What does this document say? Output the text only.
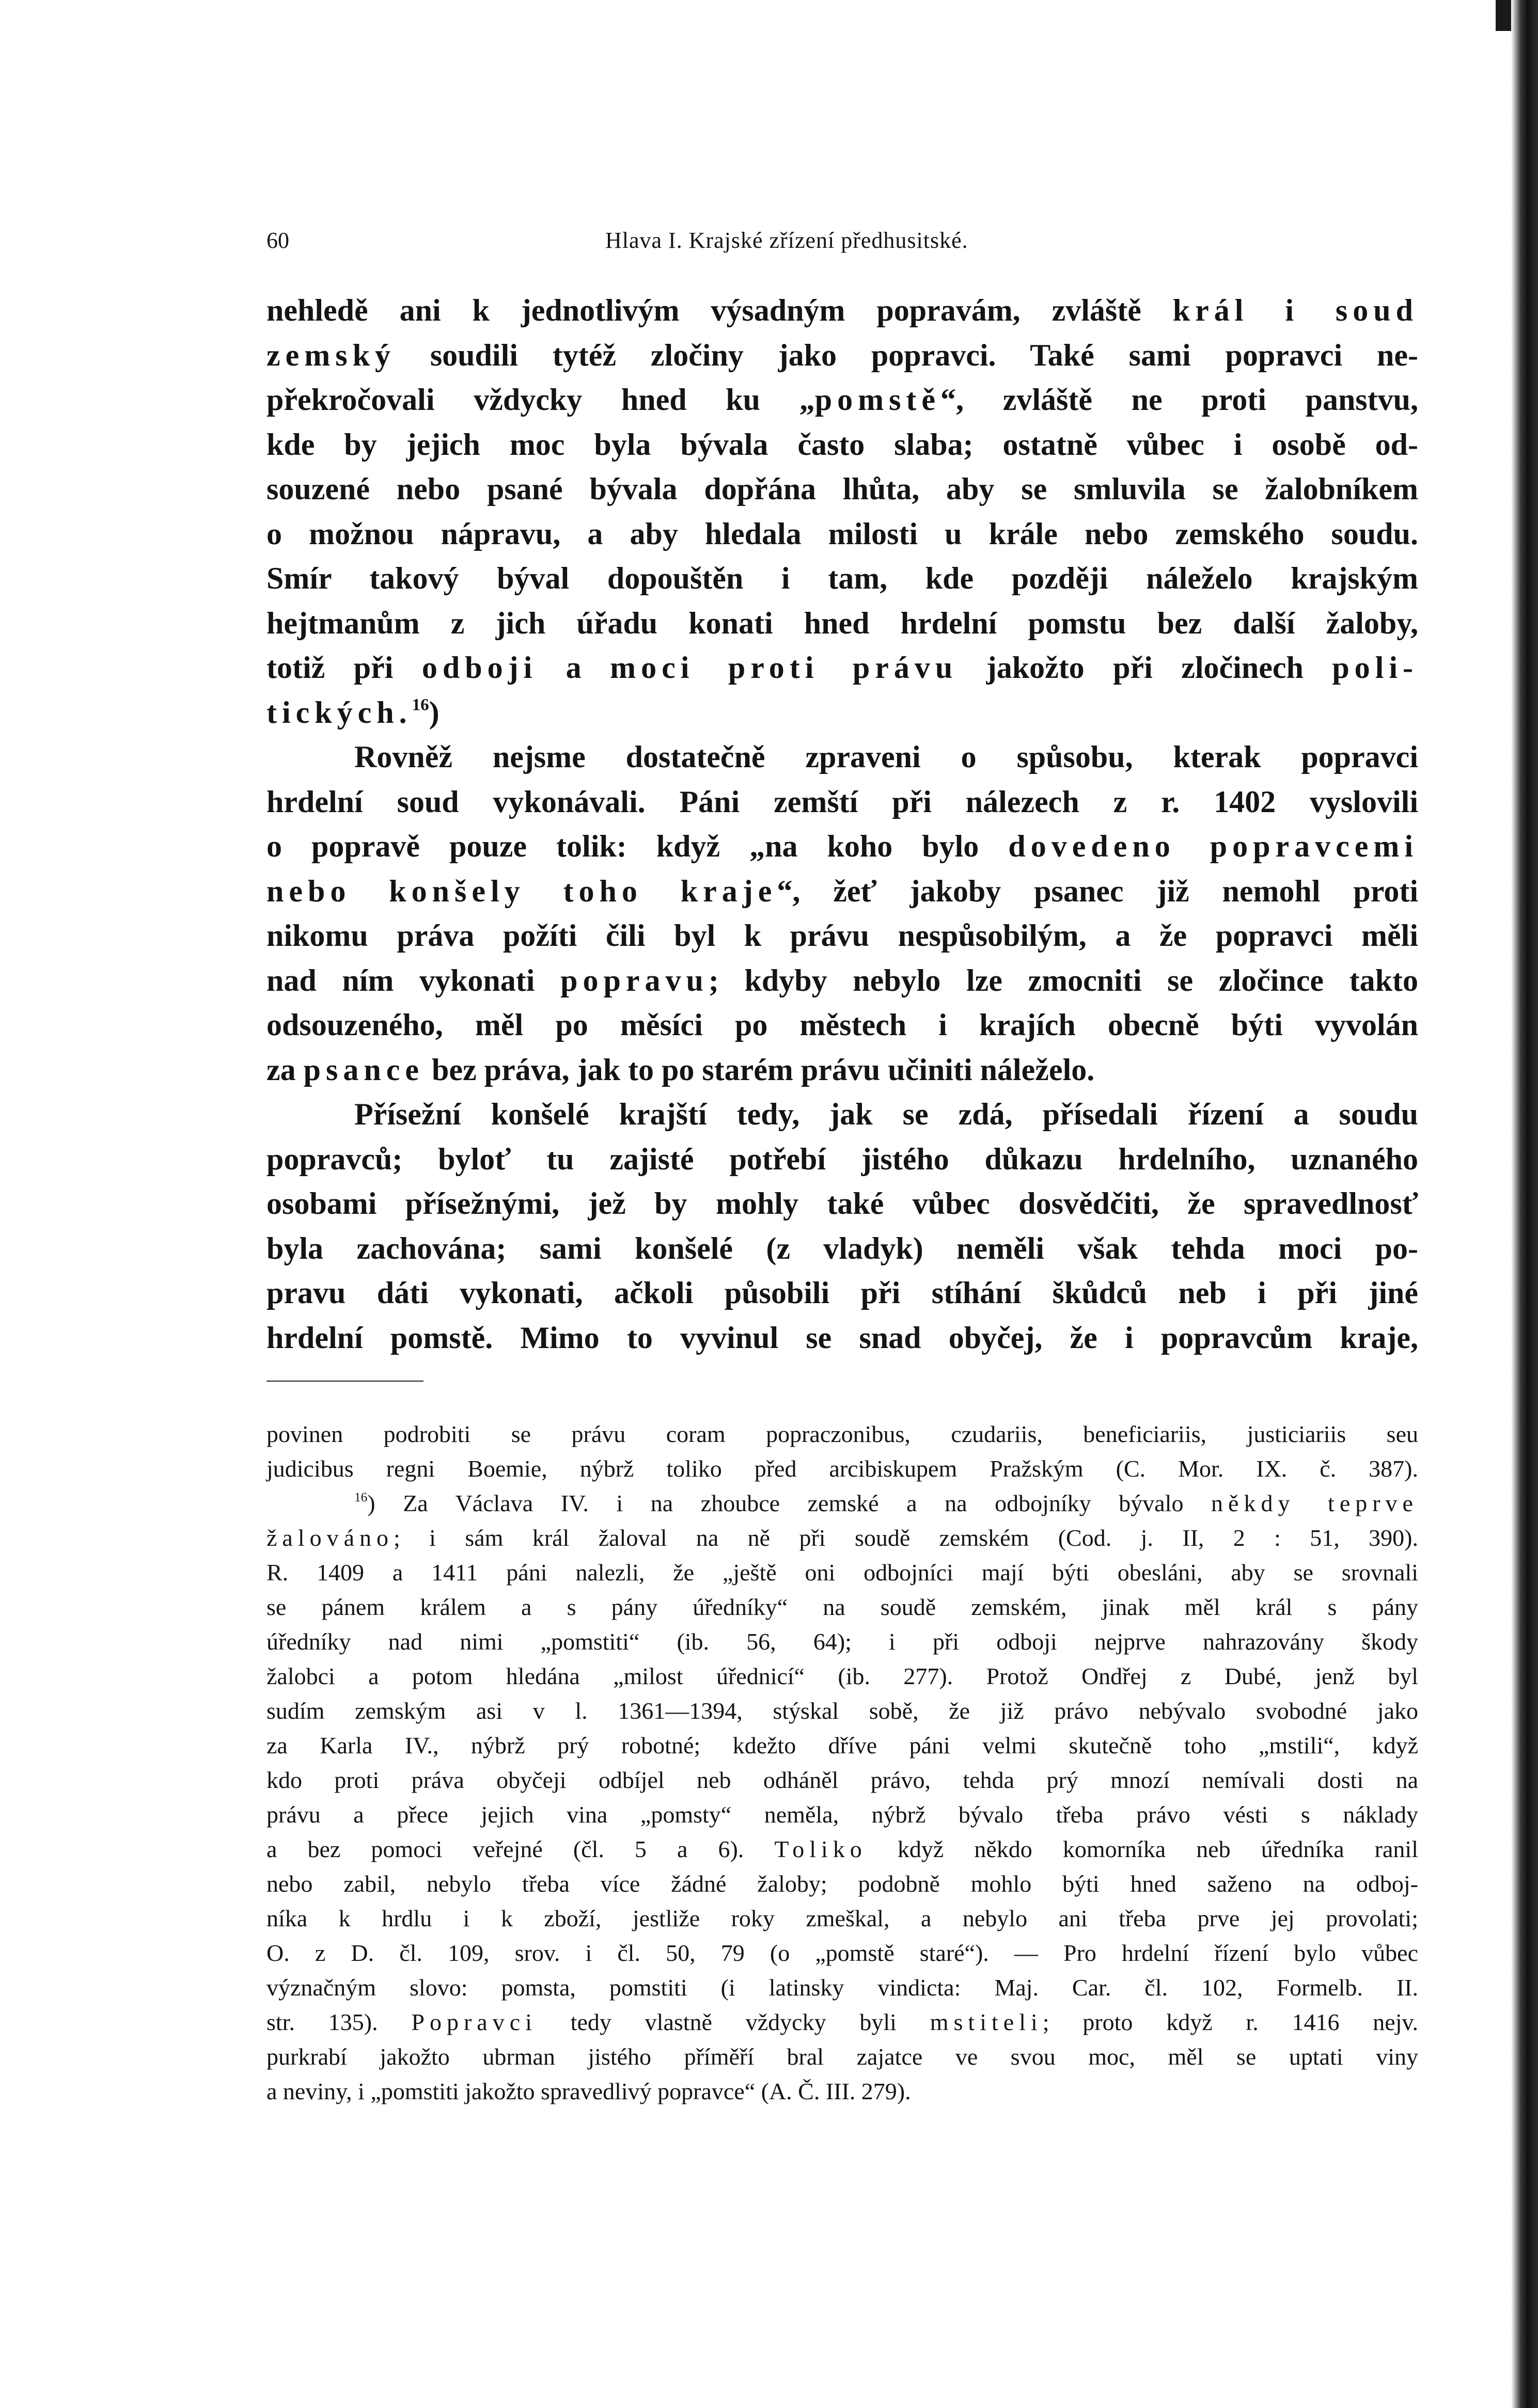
60	Hlava I. Krajské zřízení předhusitské.
nehledě ani k jednotlivým výsadným popravám, zvláště král i soud
zemský soudili tytéž zločiny jako popravci. Také sami popravci ne-
překročovali vždycky hned ku „pomstě“, zvláště ne proti panstvu,
kde by jejich moc byla bývala často slaba; ostatně vůbec i osobě od-
souzené nebo psané bývala dopřána lhůta, aby se smluvila se žalobníkem
o možnou nápravu, a aby hledala milosti u krále nebo zemského soudu.
Smír takový býval dopouštěn i tam, kde později náleželo krajským
hejtmanům z jich úřadu konati hned hrdelní pomstu bez další žaloby,
totiž při odboji a moci proti právu jakožto při zločinech poli-
tických.$^{16}$)
Rovněž nejsme dostatečně zpraveni o spůsobu, kterak popravci
hrdelní soud vykonávali. Páni zemští při nálezech z r. 1402 vyslovili
o popravě pouze tolik: když „na koho bylo dovedeno popravcemi
nebo konšely toho kraje“, žeť jakoby psanec již nemohl proti
nikomu práva požíti čili byl k právu nespůsobilým, a že popravci měli
nad ním vykonati popravu; kdyby nebylo lze zmocniti se zločince takto
odsouzeného, měl po měsíci po městech i krajích obecně býti vyvolán
za psance bez práva, jak to po starém právu učiniti náleželo.
Přísežní konšelé krajští tedy, jak se zdá, přísedali řízení a soudu
popravců; byloť tu zajisté potřebí jistého důkazu hrdelního, uznaného
osobami přísežnými, jež by mohly také vůbec dosvědčiti, že spravedlnosť
byla zachována; sami konšelé (z vladyk) neměli však tehda moci po-
pravu dáti vykonati, ačkoli působili při stíhání škůdců neb i při jiné
hrdelní pomstě. Mimo to vyvinul se snad obyčej, že i popravcům kraje,
povinen podrobiti se právu coram popraczonibus, czudariis, beneficiariis, justiciariis seu
judicibus regni Boemie, nýbrž toliko před arcibiskupem Pražským (C. Mor. IX. č. 387).
$^{16}$) Za Václava IV. i na zhoubce zemské a na odbojníky bývalo někdy teprve
žalováno; i sám král žaloval na ně při soudě zemském (Cod. j. II, 2 : 51, 390).
R. 1409 a 1411 páni nalezli, že „ještě oni odbojníci mají býti obesláni, aby se srovnali
se pánem králem a s pány úředníky“ na soudě zemském, jinak měl král s pány
úředníky nad nimi „pomstiti“ (ib. 56, 64); i při odboji nejprve nahrazovány škody
žalobci a potom hledána „milost úřednicí“ (ib. 277). Protož Ondřej z Dubé, jenž byl
sudím zemským asi v l. 1361—1394, stýskal sobě, že již právo nebývalo svobodné jako
za Karla IV., nýbrž prý robotné; kdežto dříve páni velmi skutečně toho „mstili“, když
kdo proti práva obyčeji odbíjel neb odháněl právo, tehda prý mnozí nemívali dosti na
právu a přece jejich vina „pomsty“ neměla, nýbrž bývalo třeba právo vésti s náklady
a bez pomoci veřejné (čl. 5 a 6). Toliko když někdo komorníka neb úředníka ranil
nebo zabil, nebylo třeba více žádné žaloby; podobně mohlo býti hned saženo na odboj-
níka k hrdlu i k zboží, jestliže roky zmeškal, a nebylo ani třeba prve jej provolati;
O. z D. čl. 109, srov. i čl. 50, 79 (o „pomstě staré“). — Pro hrdelní řízení bylo vůbec
význačným slovo: pomsta, pomstiti (i latinsky vindicta: Maj. Car. čl. 102, Formelb. II.
str. 135). Popravci tedy vlastně vždycky byli mstiteli; proto když r. 1416 nejv.
purkrabí jakožto ubrman jistého příměří bral zajatce ve svou moc, měl se uptati viny
a neviny, i „pomstiti jakožto spravedlivý popravce“ (A. Č. III. 279).
